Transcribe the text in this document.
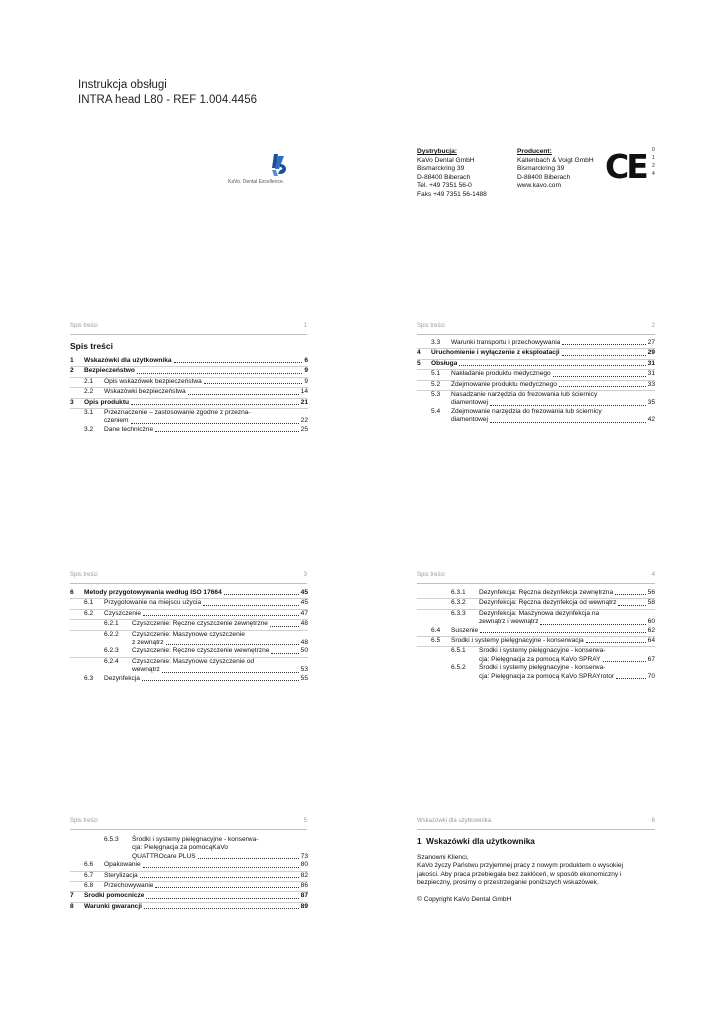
Instrukcja obsługi
INTRA head L80 - REF 1.004.4456
KaVo. Dental Excellence.
Dystrybucja:
KaVo Dental GmbH
Bismarckring 39
D-88400 Biberach
Tel. +49 7351 56-0
Faks +49 7351 56-1488
Producent:
Kaltenbach & Voigt GmbH
Bismarckring 39
D-88400 Biberach
www.kavo.com	CE 0
1
2
4
Spis treści	1
Spis treści
1	Wskazówki dla użytkownika	6
2	Bezpieczeństwo	9
2.1	Opis wskazówek bezpieczeństwa	9
2.2	Wskazówki bezpieczeństwa	14
3	Opis produktu	21
3.1	Przeznaczenie – zastosowanie zgodne z przezna-
czeniem	22
3.2	Dane techniczne	25
Spis treści	2
3.3	Warunki transportu i przechowywania	27
4	Uruchomienie i wyłączenie z eksploatacji	29
5	Obsługa	31
5.1	Nakładanie produktu medycznego	31
5.2	Zdejmowanie produktu medycznego	33
5.3	Nasadzanie narzędzia do frezowania lub ściernicy
diamentowej	35
5.4	Zdejmowanie narzędzia do frezowania lub ściernicy
diamentowej	42
Spis treści	3
6	Metody przygotowywania według ISO 17664	45
6.1	Przygotowanie na miejscu użycia	45
6.2	Czyszczenie	47
6.2.1	Czyszczenie: Ręczne czyszczenie zewnętrzne	48
6.2.2	Czyszczenie: Maszynowe czyszczenie
z zewnątrz	48
6.2.3	Czyszczenie: Ręczne czyszczenie wewnętrzne	50
6.2.4	Czyszczenie: Maszynowe czyszczenie od
wewnątrz	53
6.3	Dezynfekcja	55
Spis treści	4
6.3.1	Dezynfekcja: Ręczna dezynfekcja zewnętrzna	56
6.3.2	Dezynfekcja: Ręczna dezynfekcja od wewnątrz	58
6.3.3	Dezynfekcja: Maszynowa dezynfekcja na
zewnątrz i wewnątrz	60
6.4	Suszenie	62
6.5	Środki i systemy pielęgnacyjne - konserwacja	64
6.5.1	Środki i systemy pielęgnacyjne - konserwa-
cja: Pielęgnacja za pomocą KaVo SPRAY	67
6.5.2	Środki i systemy pielęgnacyjne - konserwa-
cja: Pielęgnacja za pomocą KaVo SPRAYrotor	70
Spis treści	5
6.5.3	Środki i systemy pielęgnacyjne - konserwa-
cja: Pielęgnacja za pomocąKaVo
QUATTROcare PLUS	73
6.6	Opakowanie	80
6.7	Sterylizacja	82
6.8	Przechowywanie	86
7	Środki pomocnicze	87
8	Warunki gwarancji	89
Wskazówki dla użytkownika	6
1 Wskazówki dla użytkownika
Szanowni Klienci,
KaVo życzy Państwu przyjemnej pracy z nowym produktem o wysokiej
jakości. Aby praca przebiegała bez zakłóceń, w sposób ekonomiczny i
bezpieczny, prosimy o przestrzeganie poniższych wskazówek.
© Copyright KaVo Dental GmbH
